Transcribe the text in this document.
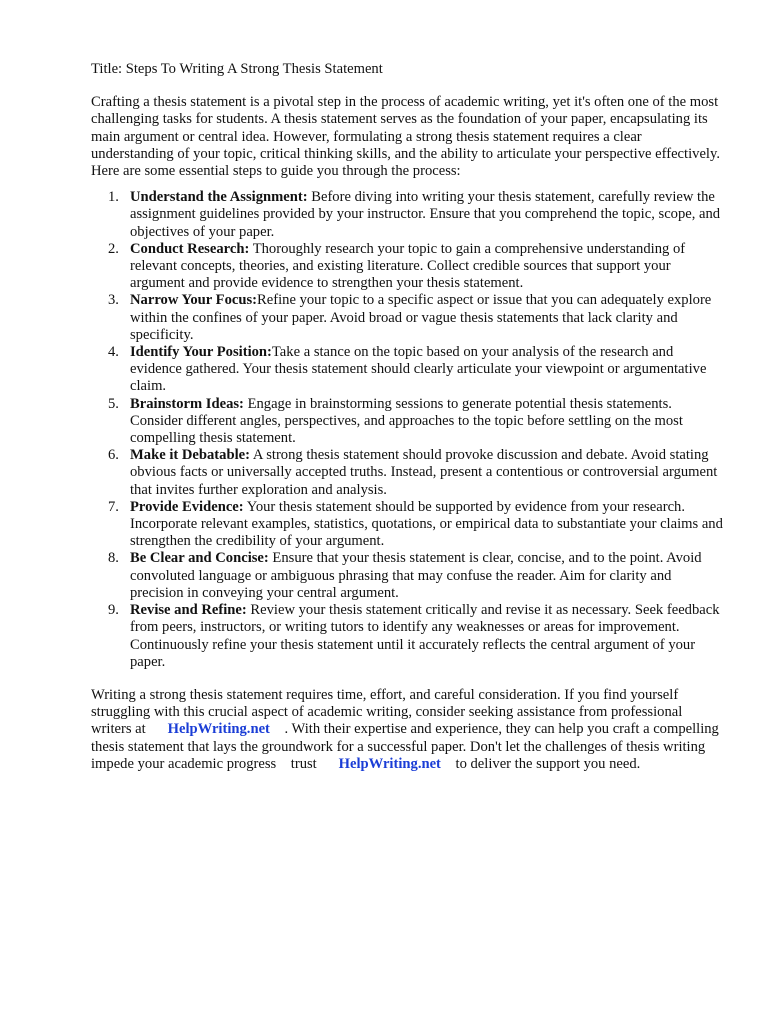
Title: Steps To Writing A Strong Thesis Statement

Crafting a thesis statement is a pivotal step in the process of academic writing, yet it's often one of the most challenging tasks for students. A thesis statement serves as the foundation of your paper, encapsulating its main argument or central idea. However, formulating a strong thesis statement requires a clear understanding of your topic, critical thinking skills, and the ability to articulate your perspective effectively. Here are some essential steps to guide you through the process:

1. Understand the Assignment: Before diving into writing your thesis statement, carefully review the assignment guidelines provided by your instructor. Ensure that you comprehend the topic, scope, and objectives of your paper.
2. Conduct Research: Thoroughly research your topic to gain a comprehensive understanding of relevant concepts, theories, and existing literature. Collect credible sources that support your argument and provide evidence to strengthen your thesis statement.
3. Narrow Your Focus:Refine your topic to a specific aspect or issue that you can adequately explore within the confines of your paper. Avoid broad or vague thesis statements that lack clarity and specificity.
4. Identify Your Position:Take a stance on the topic based on your analysis of the research and evidence gathered. Your thesis statement should clearly articulate your viewpoint or argumentative claim.
5. Brainstorm Ideas: Engage in brainstorming sessions to generate potential thesis statements. Consider different angles, perspectives, and approaches to the topic before settling on the most compelling thesis statement.
6. Make it Debatable: A strong thesis statement should provoke discussion and debate. Avoid stating obvious facts or universally accepted truths. Instead, present a contentious or controversial argument that invites further exploration and analysis.
7. Provide Evidence: Your thesis statement should be supported by evidence from your research. Incorporate relevant examples, statistics, quotations, or empirical data to substantiate your claims and strengthen the credibility of your argument.
8. Be Clear and Concise: Ensure that your thesis statement is clear, concise, and to the point. Avoid convoluted language or ambiguous phrasing that may confuse the reader. Aim for clarity and precision in conveying your central argument.
9. Revise and Refine: Review your thesis statement critically and revise it as necessary. Seek feedback from peers, instructors, or writing tutors to identify any weaknesses or areas for improvement. Continuously refine your thesis statement until it accurately reflects the central argument of your paper.

Writing a strong thesis statement requires time, effort, and careful consideration. If you find yourself struggling with this crucial aspect of academic writing, consider seeking assistance from professional writers at      HelpWriting.net    . With their expertise and experience, they can help you craft a compelling thesis statement that lays the groundwork for a successful paper. Don't let the challenges of thesis writing impede your academic progress    trust      HelpWriting.net    to deliver the support you need.
